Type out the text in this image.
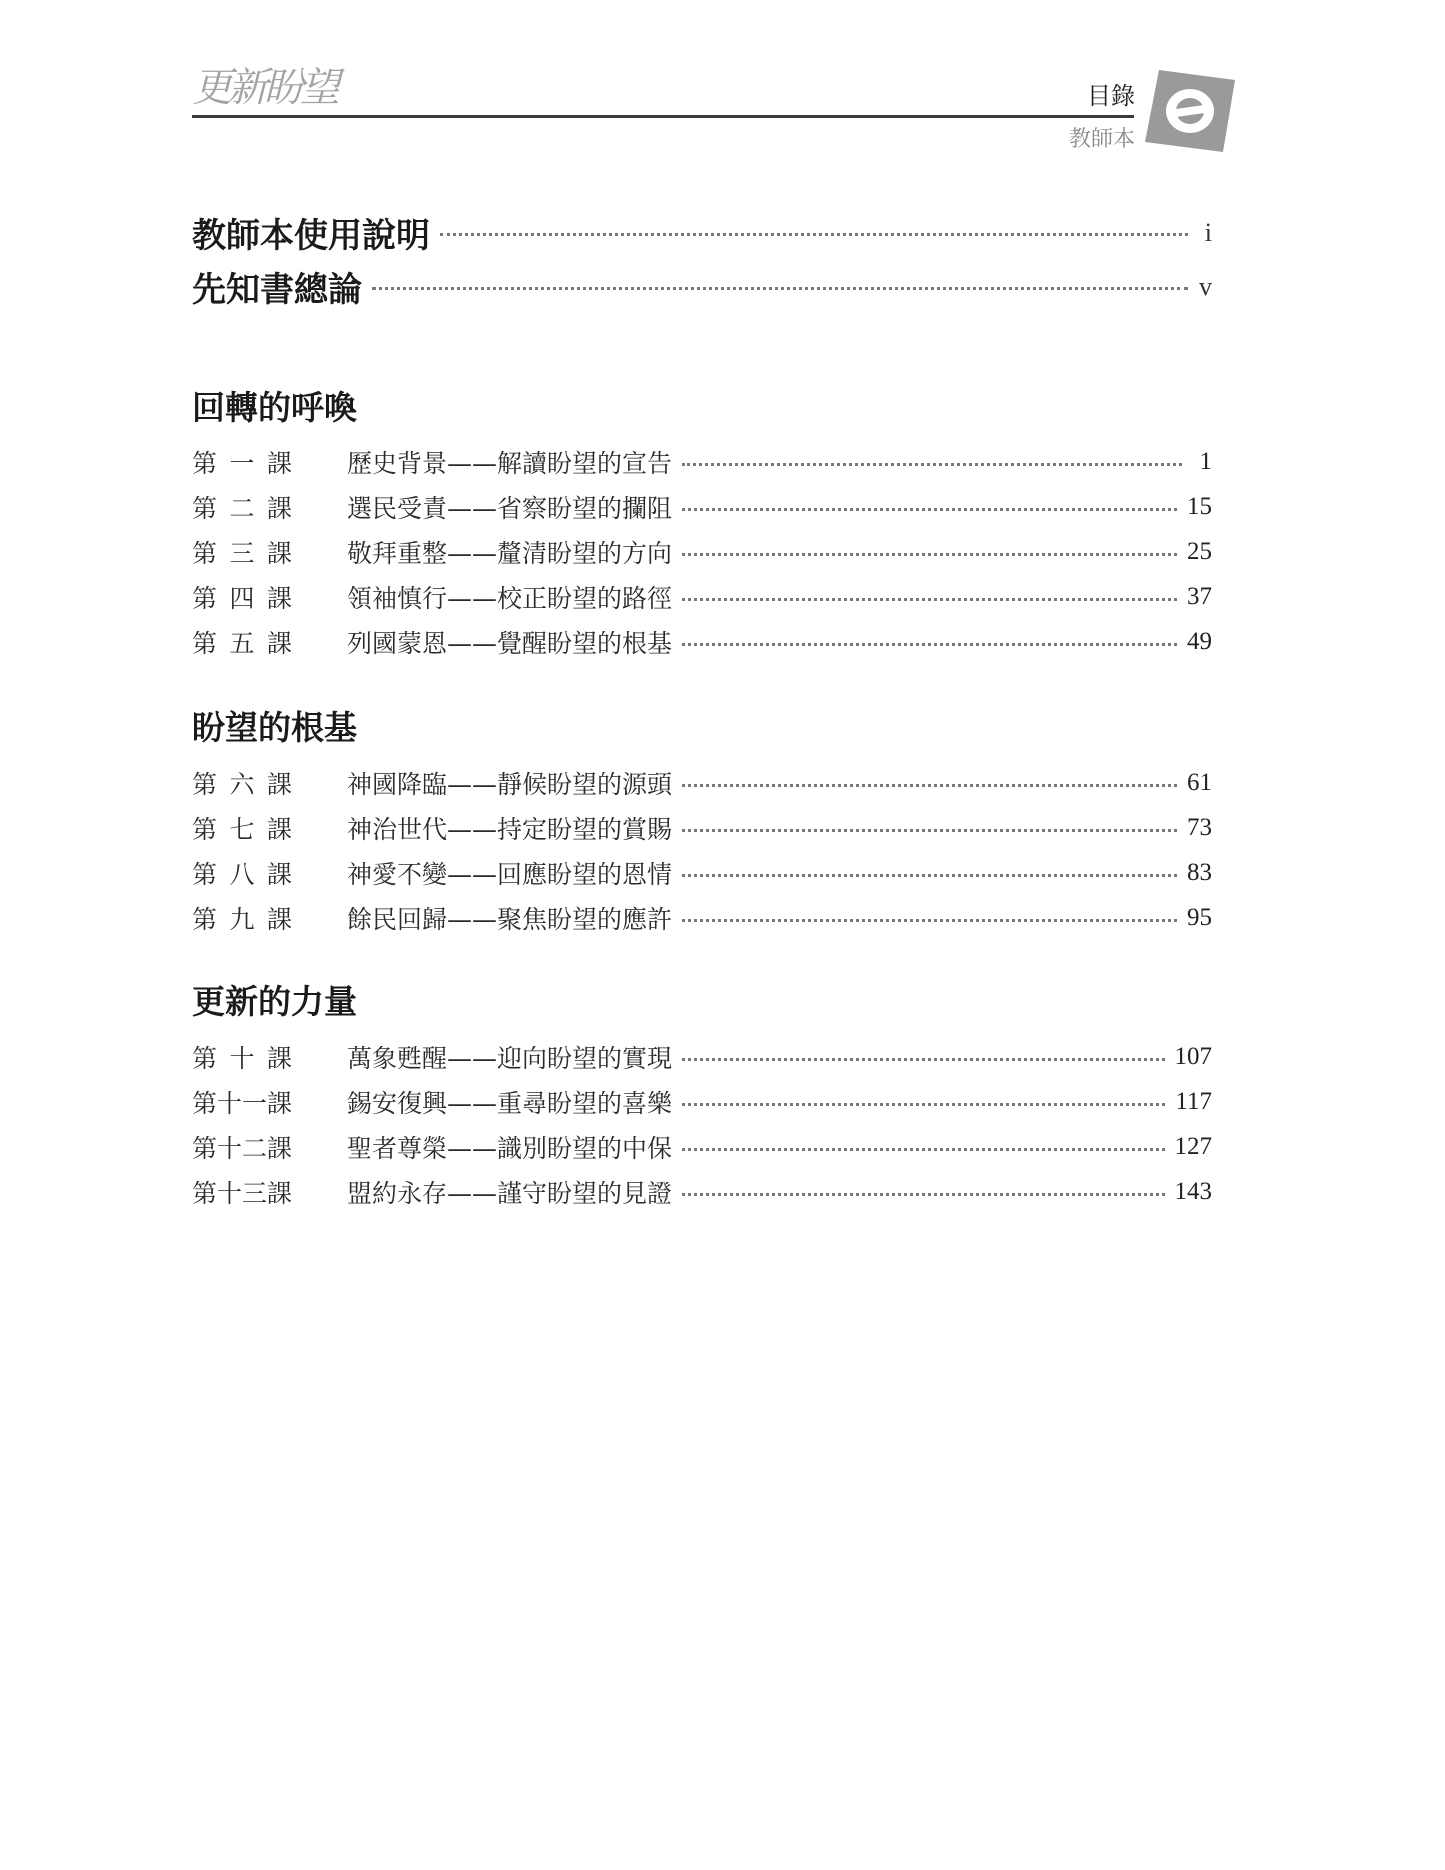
更新盼望	目錄
教師本
教師本使用說明	i
先知書總論	v
回轉的呼喚
第一課 歷史背景——解讀盼望的宣告	1
第二課 選民受責——省察盼望的攔阻	15
第三課 敬拜重整——釐清盼望的方向	25
第四課 領袖慎行——校正盼望的路徑	37
第五課 列國蒙恩——覺醒盼望的根基	49
盼望的根基
第六課 神國降臨——靜候盼望的源頭	61
第七課 神治世代——持定盼望的賞賜	73
第八課 神愛不變——回應盼望的恩情	83
第九課 餘民回歸——聚焦盼望的應許	95
更新的力量
第十課 萬象甦醒——迎向盼望的實現	107
第十一課 錫安復興——重尋盼望的喜樂	117
第十二課 聖者尊榮——識別盼望的中保	127
第十三課 盟約永存——謹守盼望的見證	143
